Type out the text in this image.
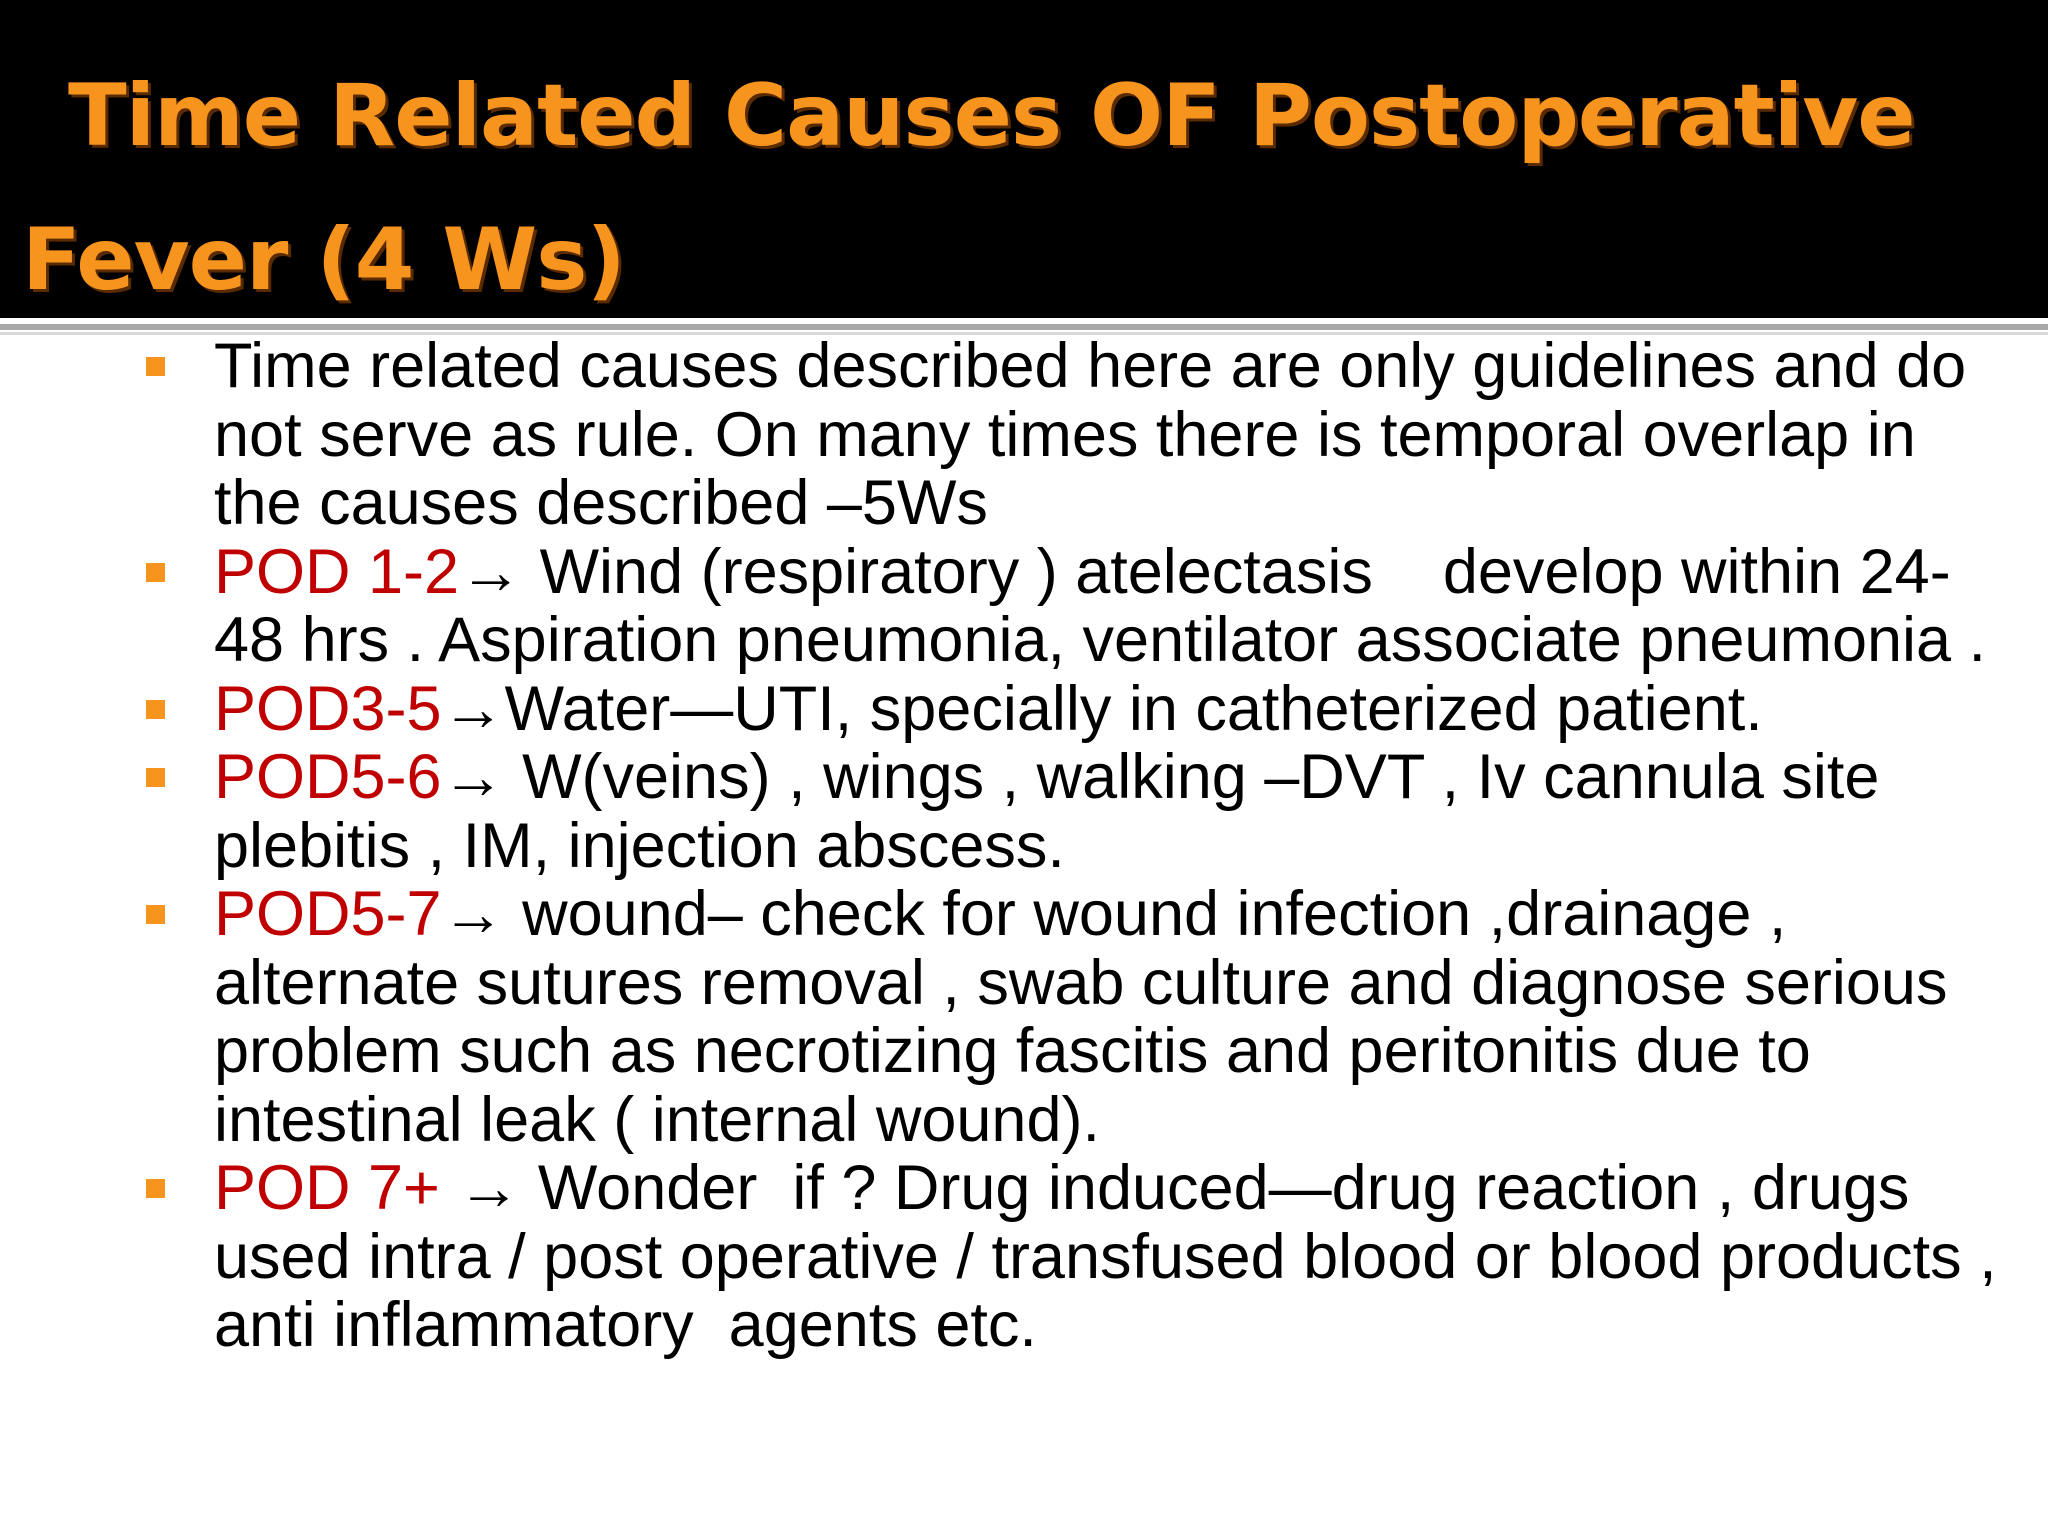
Time Related Causes OF Postoperative
Fever (4 Ws)
Time related causes described here are only guidelines and do not serve as rule. On many times there is temporal overlap in the causes described –5Ws
POD 1-2→ Wind (respiratory ) atelectasis    develop within 24-48 hrs . Aspiration pneumonia, ventilator associate pneumonia .
POD3-5→Water—UTI, specially in catheterized patient.
POD5-6→ W(veins) , wings , walking –DVT , Iv cannula site plebitis , IM, injection abscess.
POD5-7→ wound– check for wound infection ,drainage , alternate sutures removal , swab culture and diagnose serious problem such as necrotizing fascitis and peritonitis due to intestinal leak ( internal wound).
POD 7+ → Wonder  if ? Drug induced—drug reaction , drugs used intra / post operative / transfused blood or blood products , anti inflammatory  agents etc.
